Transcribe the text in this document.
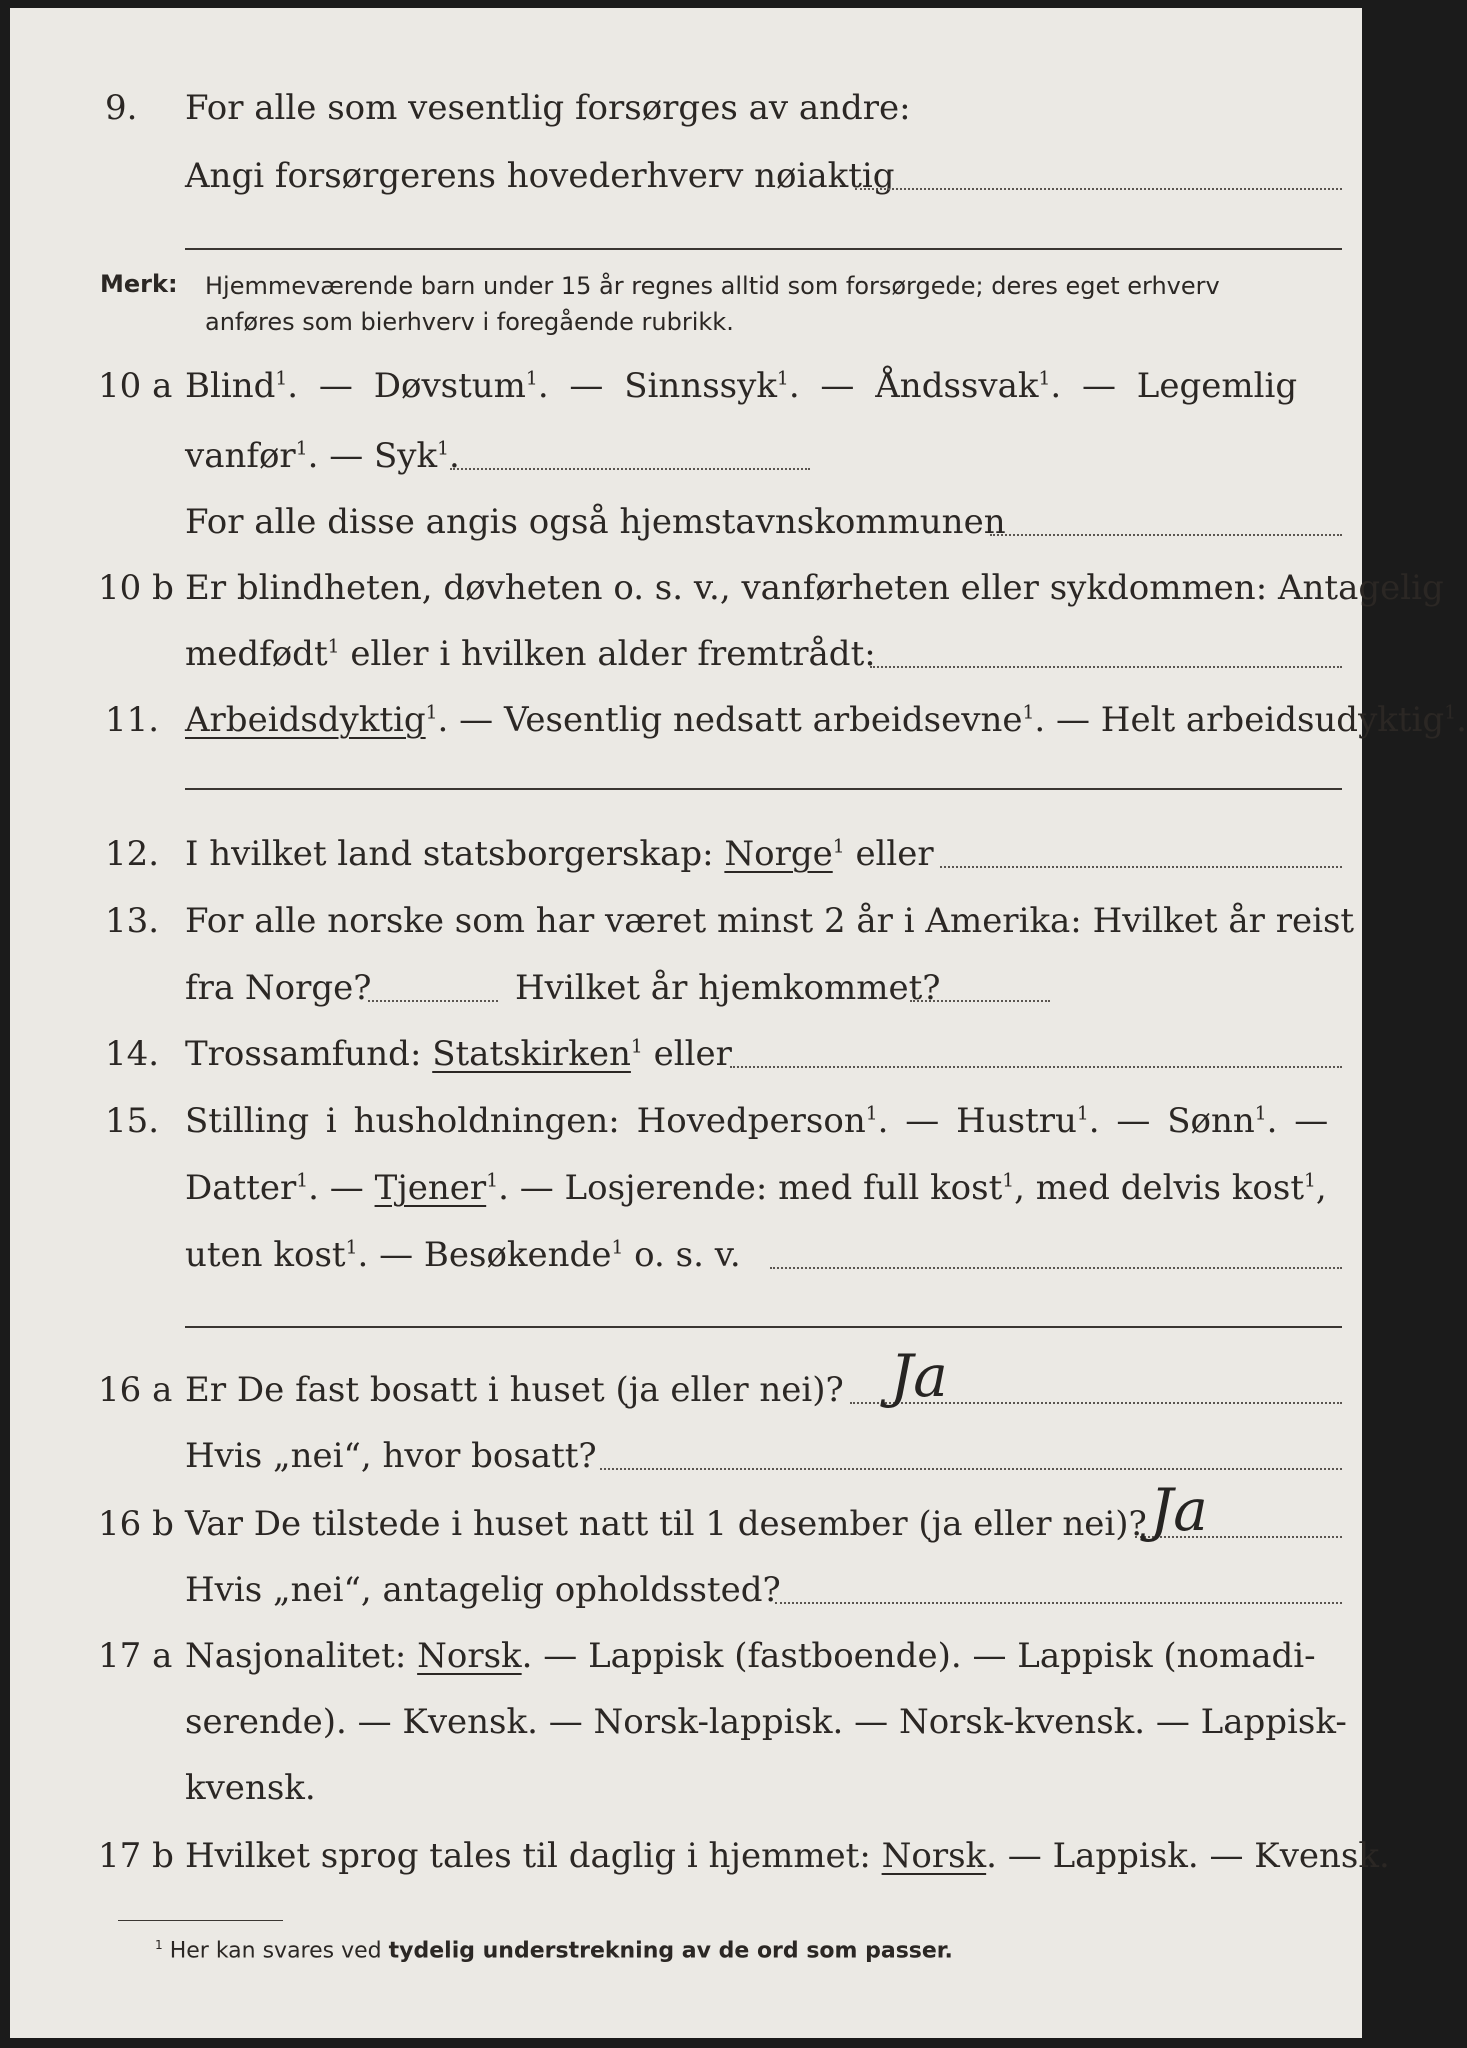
9. For alle som vesentlig forsørges av andre:
Angi forsørgerens hovederhverv nøiaktig
Merk: Hjemmeværende barn under 15 år regnes alltid som forsørgede; deres eget erhverv
anføres som bierhverv i foregående rubrikk.
10 a Blind$^1$. — Døvstum$^1$. — Sinnssyk$^1$. — Åndssvak$^1$. — Legemlig
vanfør$^1$. — Syk$^1$.
For alle disse angis også hjemstavnskommunen
10 b Er blindheten, døvheten o. s. v., vanførheten eller sykdommen: Antagelig
medfødt$^1$ eller i hvilken alder fremtrådt:
11. Arbeidsdyktig$^1$. — Vesentlig nedsatt arbeidsevne$^1$. — Helt arbeidsudyktig$^1$.
12. I hvilket land statsborgerskap: Norge$^1$ eller
13. For alle norske som har været minst 2 år i Amerika: Hvilket år reist
fra Norge?	Hvilket år hjemkommet?
14. Trossamfund: Statskirken$^1$ eller
15. Stilling i husholdningen: Hovedperson$^1$. — Hustru$^1$. — Sønn$^1$. —
Datter$^1$. — Tjener$^1$. — Losjerende: med full kost$^1$, med delvis kost$^1$,
uten kost$^1$. — Besøkende$^1$ o. s. v.
16 a Er De fast bosatt i huset (ja eller nei)? Ja
Hvis „nei“, hvor bosatt?
16 b Var De tilstede i huset natt til 1 desember (ja eller nei)? Ja
Hvis „nei“, antagelig opholdssted?
17 a Nasjonalitet: Norsk. — Lappisk (fastboende). — Lappisk (nomadi-
serende). — Kvensk. — Norsk-lappisk. — Norsk-kvensk. — Lappisk-
kvensk.
17 b Hvilket sprog tales til daglig i hjemmet: Norsk. — Lappisk. — Kvensk.
$^1$ Her kan svares ved tydelig understrekning av de ord som passer.
